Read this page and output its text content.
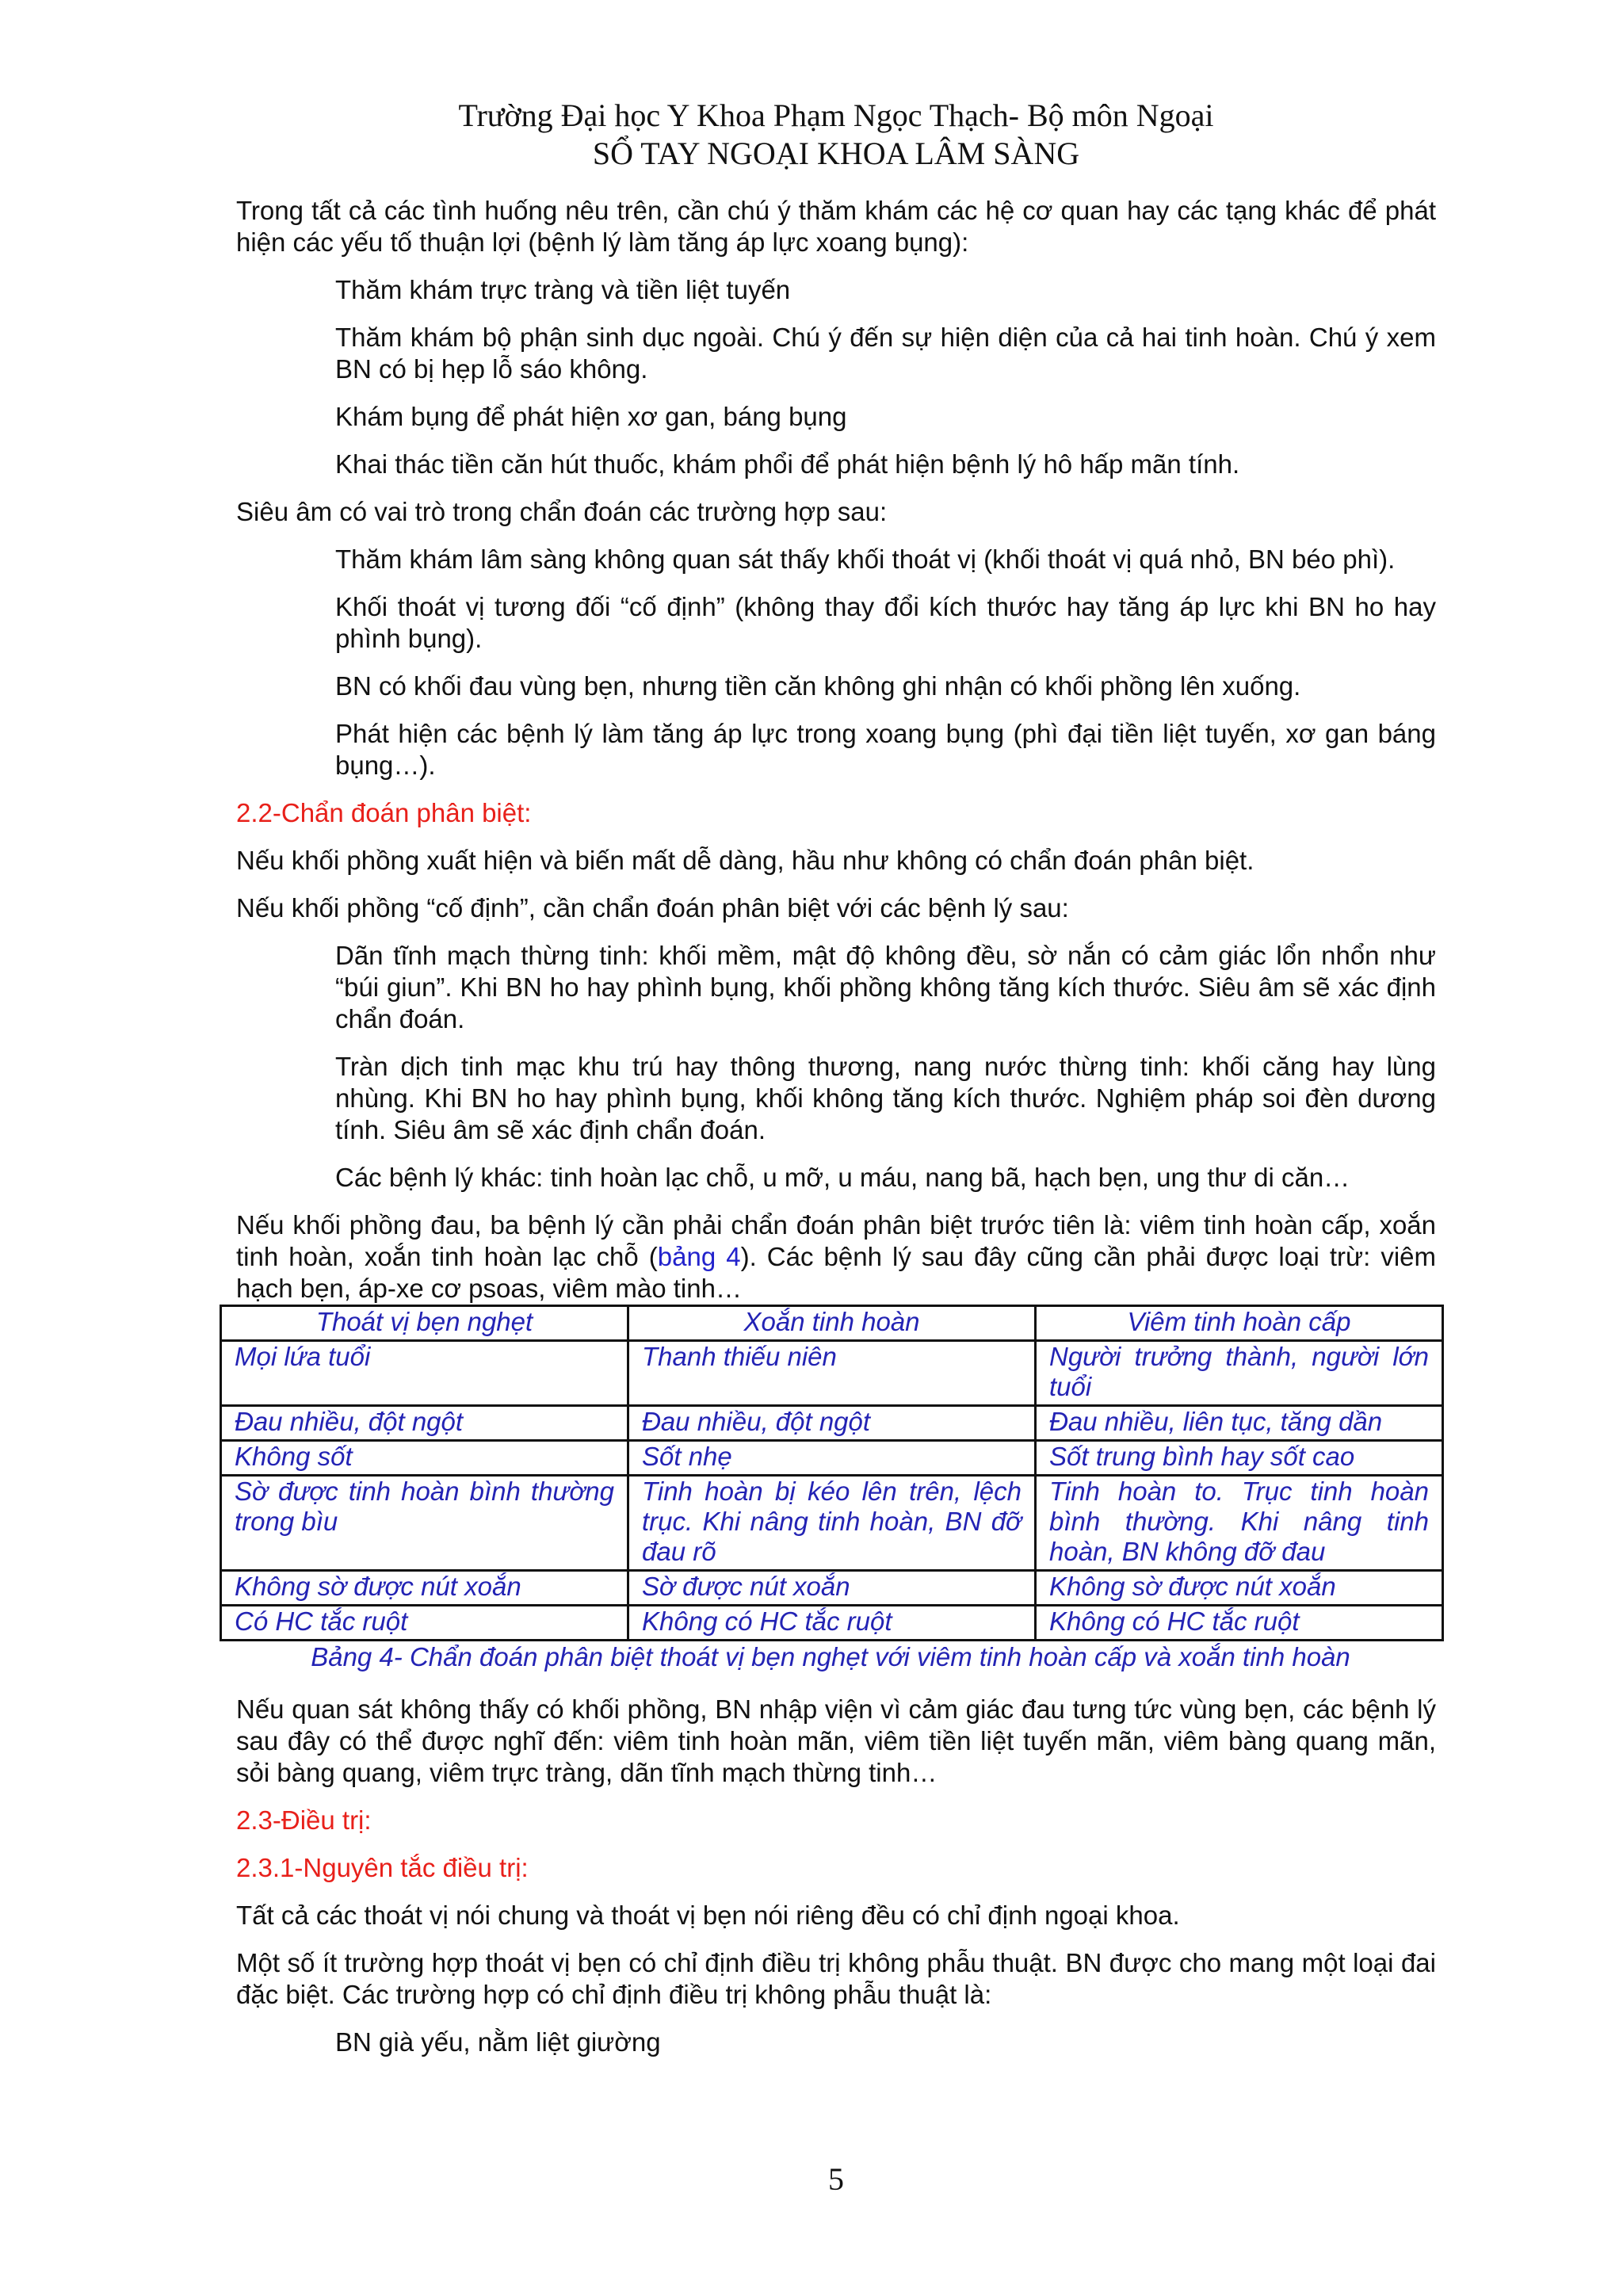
Trường Đại học Y Khoa Phạm Ngọc Thạch- Bộ môn Ngoại
SỔ TAY NGOẠI KHOA LÂM SÀNG

Trong tất cả các tình huống nêu trên, cần chú ý thăm khám các hệ cơ quan hay các tạng khác để phát hiện các yếu tố thuận lợi (bệnh lý làm tăng áp lực xoang bụng):

Thăm khám trực tràng và tiền liệt tuyến

Thăm khám bộ phận sinh dục ngoài. Chú ý đến sự hiện diện của cả hai tinh hoàn. Chú ý xem BN có bị hẹp lỗ sáo không.

Khám bụng để phát hiện xơ gan, báng bụng

Khai thác tiền căn hút thuốc, khám phổi để phát hiện bệnh lý hô hấp mãn tính.

Siêu âm có vai trò trong chẩn đoán các trường hợp sau:

Thăm khám lâm sàng không quan sát thấy khối thoát vị (khối thoát vị quá nhỏ, BN béo phì).

Khối thoát vị tương đối “cố định” (không thay đổi kích thước hay tăng áp lực khi BN ho hay phình bụng).

BN có khối đau vùng bẹn, nhưng tiền căn không ghi nhận có khối phồng lên xuống.

Phát hiện các bệnh lý làm tăng áp lực trong xoang bụng (phì đại tiền liệt tuyến, xơ gan báng bụng…).

2.2-Chẩn đoán phân biệt:

Nếu khối phồng xuất hiện và biến mất dễ dàng, hầu như không có chẩn đoán phân biệt.

Nếu khối phồng “cố định”, cần chẩn đoán phân biệt với các bệnh lý sau:

Dãn tĩnh mạch thừng tinh: khối mềm, mật độ không đều, sờ nắn có cảm giác lổn nhổn như “búi giun”. Khi BN ho hay phình bụng, khối phồng không tăng kích thước. Siêu âm sẽ xác định chẩn đoán.

Tràn dịch tinh mạc khu trú hay thông thương, nang nước thừng tinh: khối căng hay lùng nhùng. Khi BN ho hay phình bụng, khối không tăng kích thước. Nghiệm pháp soi đèn dương tính. Siêu âm sẽ xác định chẩn đoán.

Các bệnh lý khác: tinh hoàn lạc chỗ, u mỡ, u máu, nang bã, hạch bẹn, ung thư di căn…

Nếu khối phồng đau, ba bệnh lý cần phải chẩn đoán phân biệt trước tiên là: viêm tinh hoàn cấp, xoắn tinh hoàn, xoắn tinh hoàn lạc chỗ (bảng 4). Các bệnh lý sau đây cũng cần phải được loại trừ: viêm hạch bẹn, áp-xe cơ psoas, viêm mào tinh…

Thoát vị bẹn nghẹt	Xoắn tinh hoàn	Viêm tinh hoàn cấp
Mọi lứa tuổi	Thanh thiếu niên	Người trưởng thành, người lớn tuổi
Đau nhiều, đột ngột	Đau nhiều, đột ngột	Đau nhiều, liên tục, tăng dần
Không sốt	Sốt nhẹ	Sốt trung bình hay sốt cao
Sờ được tinh hoàn bình thường trong bìu	Tinh hoàn bị kéo lên trên, lệch trục. Khi nâng tinh hoàn, BN đỡ đau rõ	Tinh hoàn to. Trục tinh hoàn bình thường. Khi nâng tinh hoàn, BN không đỡ đau
Không sờ được nút xoắn	Sờ được nút xoắn	Không sờ được nút xoắn
Có HC tắc ruột	Không có HC tắc ruột	Không có HC tắc ruột
Bảng 4- Chẩn đoán phân biệt thoát vị bẹn nghẹt với viêm tinh hoàn cấp và xoắn tinh hoàn

Nếu quan sát không thấy có khối phồng, BN nhập viện vì cảm giác đau tưng tức vùng bẹn, các bệnh lý sau đây có thể được nghĩ đến: viêm tinh hoàn mãn, viêm tiền liệt tuyến mãn, viêm bàng quang mãn, sỏi bàng quang, viêm trực tràng, dãn tĩnh mạch thừng tinh…

2.3-Điều trị:
2.3.1-Nguyên tắc điều trị:

Tất cả các thoát vị nói chung và thoát vị bẹn nói riêng đều có chỉ định ngoại khoa.

Một số ít trường hợp thoát vị bẹn có chỉ định điều trị không phẫu thuật. BN được cho mang một loại đai đặc biệt. Các trường hợp có chỉ định điều trị không phẫu thuật là:

BN già yếu, nằm liệt giường

5
